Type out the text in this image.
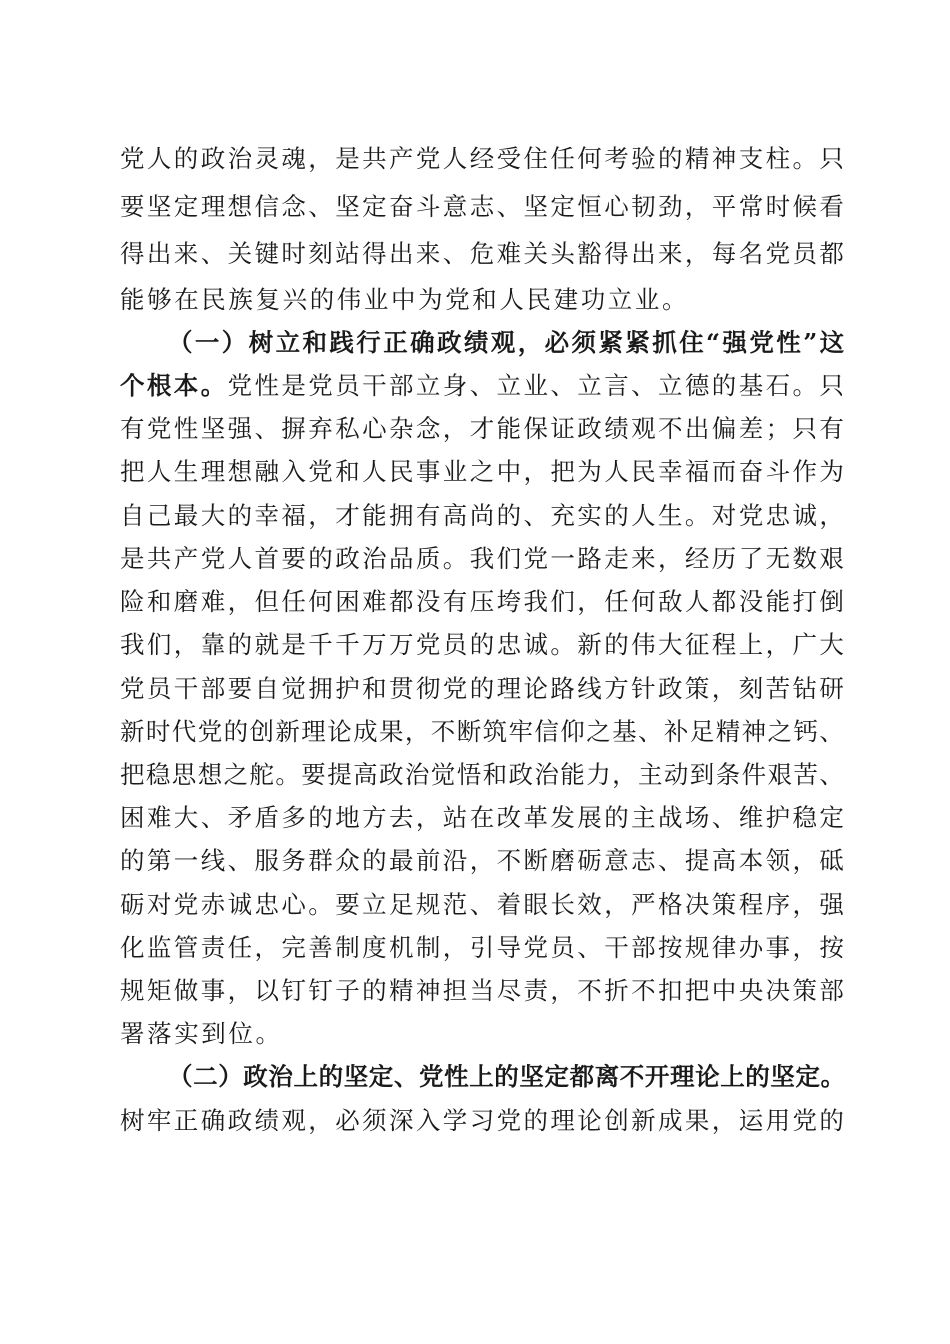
党人的政治灵魂，是共产党人经受住任何考验的精神支柱。只
要坚定理想信念、坚定奋斗意志、坚定恒心韧劲，平常时候看
得出来、关键时刻站得出来、危难关头豁得出来，每名党员都
能够在民族复兴的伟业中为党和人民建功立业。
（一）树立和践行正确政绩观，必须紧紧抓住“强党性”这
个根本。党性是党员干部立身、立业、立言、立德的基石。只
有党性坚强、摒弃私心杂念，才能保证政绩观不出偏差；只有
把人生理想融入党和人民事业之中，把为人民幸福而奋斗作为
自己最大的幸福，才能拥有高尚的、充实的人生。对党忠诚，
是共产党人首要的政治品质。我们党一路走来，经历了无数艰
险和磨难，但任何困难都没有压垮我们，任何敌人都没能打倒
我们，靠的就是千千万万党员的忠诚。新的伟大征程上，广大
党员干部要自觉拥护和贯彻党的理论路线方针政策，刻苦钻研
新时代党的创新理论成果，不断筑牢信仰之基、补足精神之钙、
把稳思想之舵。要提高政治觉悟和政治能力，主动到条件艰苦、
困难大、矛盾多的地方去，站在改革发展的主战场、维护稳定
的第一线、服务群众的最前沿，不断磨砺意志、提高本领，砥
砺对党赤诚忠心。要立足规范、着眼长效，严格决策程序，强
化监管责任，完善制度机制，引导党员、干部按规律办事，按
规矩做事，以钉钉子的精神担当尽责，不折不扣把中央决策部
署落实到位。
（二）政治上的坚定、党性上的坚定都离不开理论上的坚定。
树牢正确政绩观，必须深入学习党的理论创新成果，运用党的
